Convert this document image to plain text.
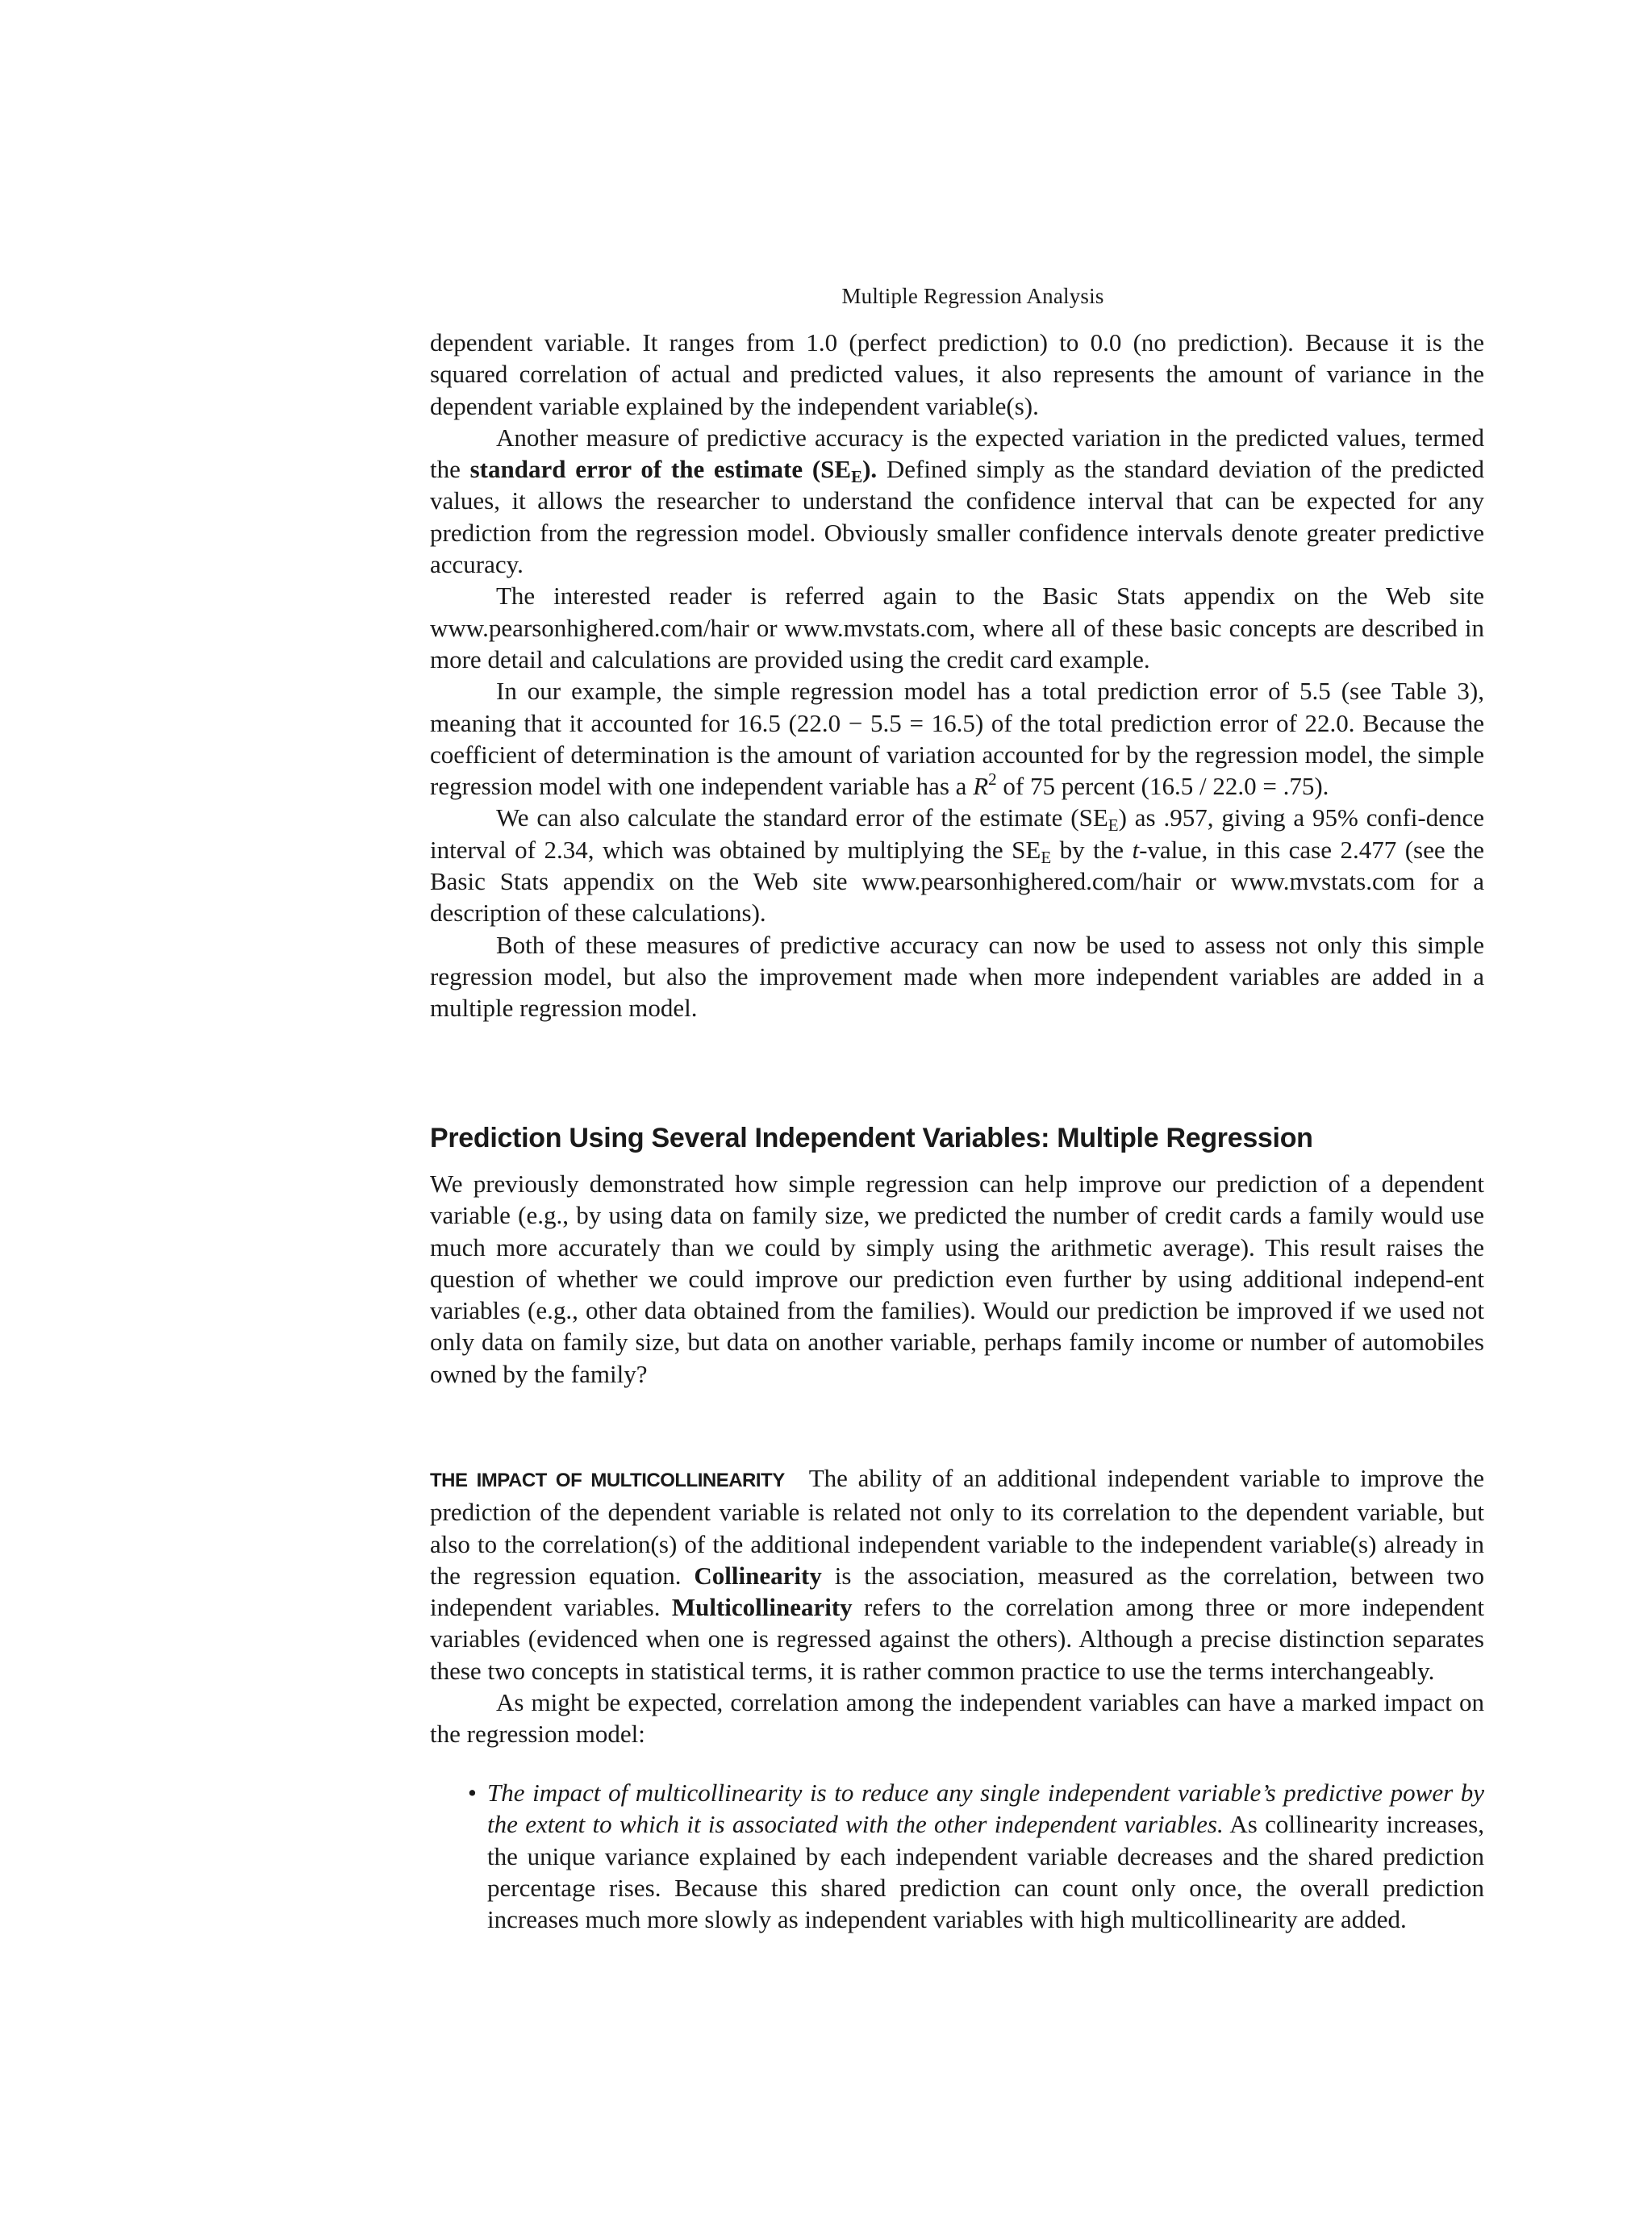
Multiple Regression Analysis

dependent variable. It ranges from 1.0 (perfect prediction) to 0.0 (no prediction). Because it is the squared correlation of actual and predicted values, it also represents the amount of variance in the dependent variable explained by the independent variable(s).

Another measure of predictive accuracy is the expected variation in the predicted values, termed the standard error of the estimate $(SE_E)$. Defined simply as the standard deviation of the predicted values, it allows the researcher to understand the confidence interval that can be expected for any prediction from the regression model. Obviously smaller confidence intervals denote greater predictive accuracy.

The interested reader is referred again to the Basic Stats appendix on the Web site www.pearsonhighered.com/hair or www.mvstats.com, where all of these basic concepts are described in more detail and calculations are provided using the credit card example.

In our example, the simple regression model has a total prediction error of 5.5 (see Table 3), meaning that it accounted for 16.5 (22.0 − 5.5 = 16.5) of the total prediction error of 22.0. Because the coefficient of determination is the amount of variation accounted for by the regression model, the simple regression model with one independent variable has a $R^2$ of 75 percent (16.5 / 22.0 = .75).

We can also calculate the standard error of the estimate $(SE_E)$ as .957, giving a 95% confi-dence interval of 2.34, which was obtained by multiplying the $SE_E$ by the t-value, in this case 2.477 (see the Basic Stats appendix on the Web site www.pearsonhighered.com/hair or www.mvstats.com for a description of these calculations).

Both of these measures of predictive accuracy can now be used to assess not only this simple regression model, but also the improvement made when more independent variables are added in a multiple regression model.

Prediction Using Several Independent Variables: Multiple Regression

We previously demonstrated how simple regression can help improve our prediction of a dependent variable (e.g., by using data on family size, we predicted the number of credit cards a family would use much more accurately than we could by simply using the arithmetic average). This result raises the question of whether we could improve our prediction even further by using additional independ-ent variables (e.g., other data obtained from the families). Would our prediction be improved if we used not only data on family size, but data on another variable, perhaps family income or number of automobiles owned by the family?

THE IMPACT OF MULTICOLLINEARITY The ability of an additional independent variable to improve the prediction of the dependent variable is related not only to its correlation to the dependent variable, but also to the correlation(s) of the additional independent variable to the independent variable(s) already in the regression equation. Collinearity is the association, measured as the correlation, between two independent variables. Multicollinearity refers to the correlation among three or more independent variables (evidenced when one is regressed against the others). Although a precise distinction separates these two concepts in statistical terms, it is rather common practice to use the terms interchangeably.

As might be expected, correlation among the independent variables can have a marked impact on the regression model:

• The impact of multicollinearity is to reduce any single independent variable’s predictive power by the extent to which it is associated with the other independent variables. As collinearity increases, the unique variance explained by each independent variable decreases and the shared prediction percentage rises. Because this shared prediction can count only once, the overall prediction increases much more slowly as independent variables with high multicollinearity are added.
